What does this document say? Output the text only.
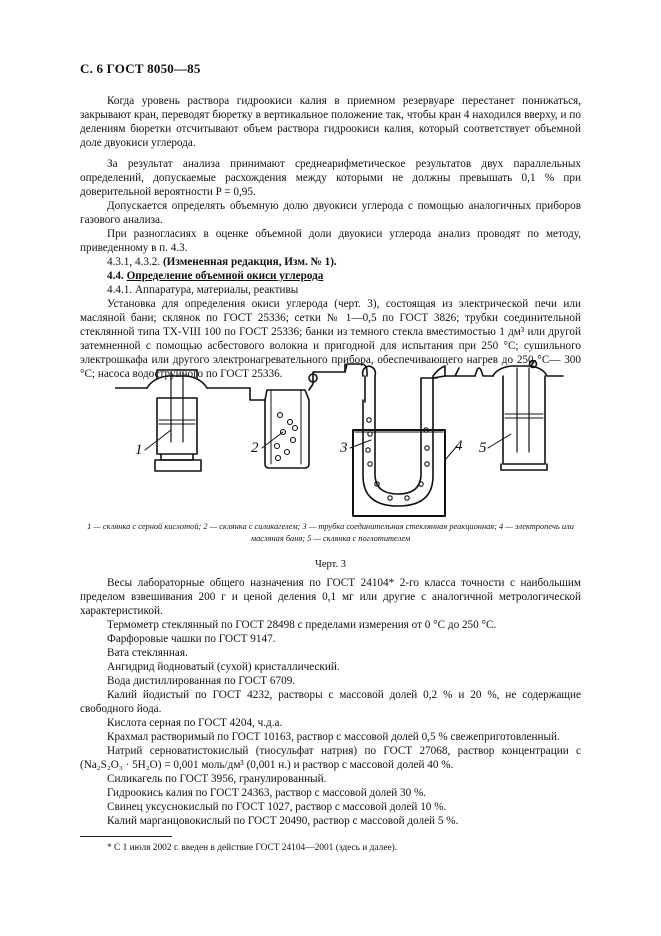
С. 6 ГОСТ 8050—85

Когда уровень раствора гидроокиси калия в приемном резервуаре перестанет понижаться, закрывают кран, переводят бюретку в вертикальное положение так, чтобы кран 4 находился вверху, и по делениям бюретки отсчитывают объем раствора гидроокиси калия, который соответствует объемной доле двуокиси углерода.

За результат анализа принимают среднеарифметическое результатов двух параллельных определений, допускаемые расхождения между которыми не должны превышать 0,1 % при доверительной вероятности P = 0,95.

Допускается определять объемную долю двуокиси углерода с помощью аналогичных приборов газового анализа.

При разногласиях в оценке объемной доли двуокиси углерода анализ проводят по методу, приведенному в п. 4.3.

4.3.1, 4.3.2. (Измененная редакция, Изм. № 1).
4.4. Определение объемной окиси углерода
4.4.1. Аппаратура, материалы, реактивы

Установка для определения окиси углерода (черт. 3), состоящая из электрической печи или масляной бани; склянок по ГОСТ 25336; сетки № 1—0,5 по ГОСТ 3826; трубки соединительной стеклянной типа ТХ-VIII 100 по ГОСТ 25336; банки из темного стекла вместимостью 1 дм³ или другой затемненной с помощью асбестового волокна и пригодной для испытания при 250 °С; сушильного электрошкафа или другого электронагревательного прибора, обеспечивающего нагрев до 250 °С— 300 °С; насоса водоструйного по ГОСТ 25336.

1	2	3	4 5
1 — склянка с серной кислотой; 2 — склянка с силикагелем; 3 — трубка соединительная стеклянная реакционная; 4 — электропечь или масляная баня; 5 — склянка с поглотителем
Черт. 3

Весы лабораторные общего назначения по ГОСТ 24104* 2-го класса точности с наибольшим пределом взвешивания 200 г и ценой деления 0,1 мг или другие с аналогичной метрологической характеристикой.

Термометр стеклянный по ГОСТ 28498 с пределами измерения от 0 °С до 250 °С.
Фарфоровые чашки по ГОСТ 9147.
Вата стеклянная.
Ангидрид йодноватый (сухой) кристаллический.
Вода дистиллированная по ГОСТ 6709.

Калий йодистый по ГОСТ 4232, растворы с массовой долей 0,2 % и 20 %, не содержащие свободного йода.

Кислота серная по ГОСТ 4204, ч.д.а.
Крахмал растворимый по ГОСТ 10163, раствор с массовой долей 0,5 % свежеприготовленный.

Натрий серноватистокислый (тиосульфат натрия) по ГОСТ 27068, раствор концентрации c (Na₂S₂O₃ · 5H₂O) = 0,001 моль/дм³ (0,001 н.) и раствор с массовой долей 40 %.

Силикагель по ГОСТ 3956, гранулированный.
Гидроокись калия по ГОСТ 24363, раствор с массовой долей 30 %.
Свинец уксуснокислый по ГОСТ 1027, раствор с массовой долей 10 %.
Калий марганцовокислый по ГОСТ 20490, раствор с массовой долей 5 %.
* С 1 июля 2002 г. введен в действие ГОСТ 24104—2001 (здесь и далее).
